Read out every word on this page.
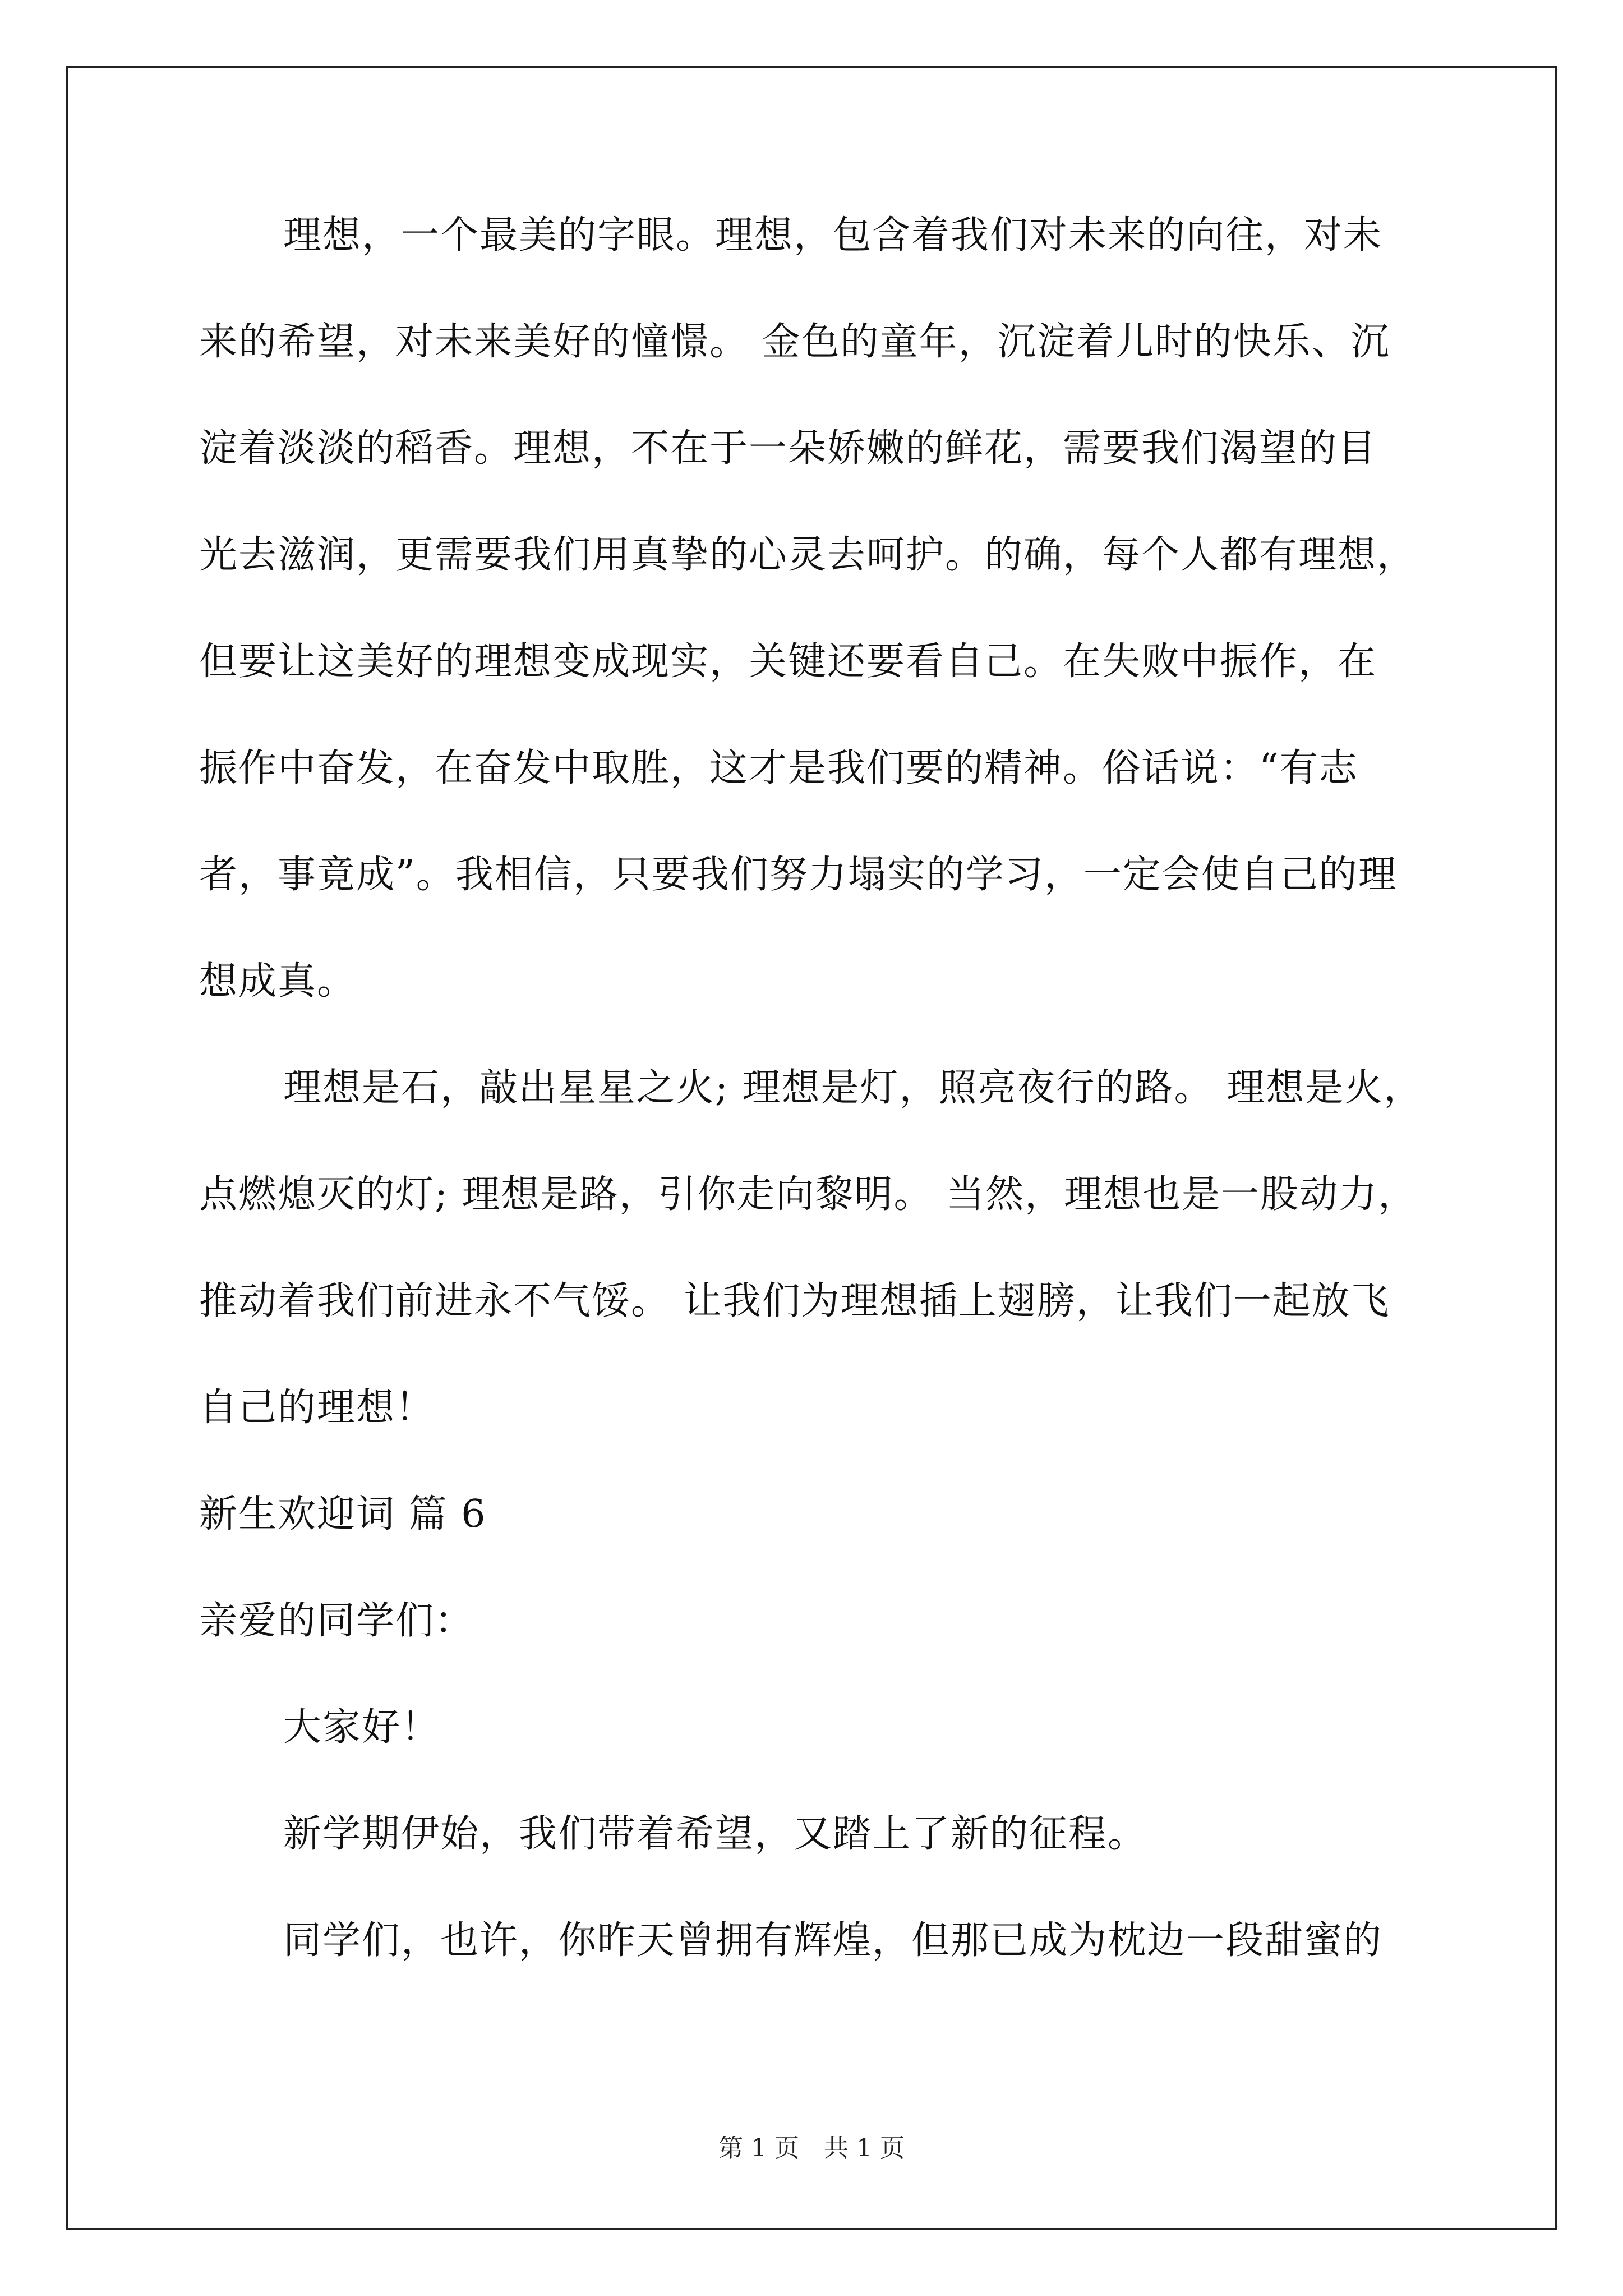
理想，一个最美的字眼。理想，包含着我们对未来的向往，对未
来的希望，对未来美好的憧憬。 金色的童年，沉淀着儿时的快乐、沉
淀着淡淡的稻香。理想，不在于一朵娇嫩的鲜花，需要我们渴望的目
光去滋润，更需要我们用真挚的心灵去呵护。的确，每个人都有理想，
但要让这美好的理想变成现实，关键还要看自己。在失败中振作，在
振作中奋发，在奋发中取胜，这才是我们要的精神。俗话说：“有志
者，事竟成”。我相信，只要我们努力塌实的学习，一定会使自己的理
想成真。
理想是石，敲出星星之火; 理想是灯，照亮夜行的路。 理想是火，
点燃熄灭的灯; 理想是路，引你走向黎明。 当然，理想也是一股动力，
推动着我们前进永不气馁。 让我们为理想插上翅膀，让我们一起放飞
自己的理想！
新生欢迎词 篇 6
亲爱的同学们：
大家好！
新学期伊始，我们带着希望，又踏上了新的征程。
同学们，也许，你昨天曾拥有辉煌，但那已成为枕边一段甜蜜的
第 1 页　共 1 页
